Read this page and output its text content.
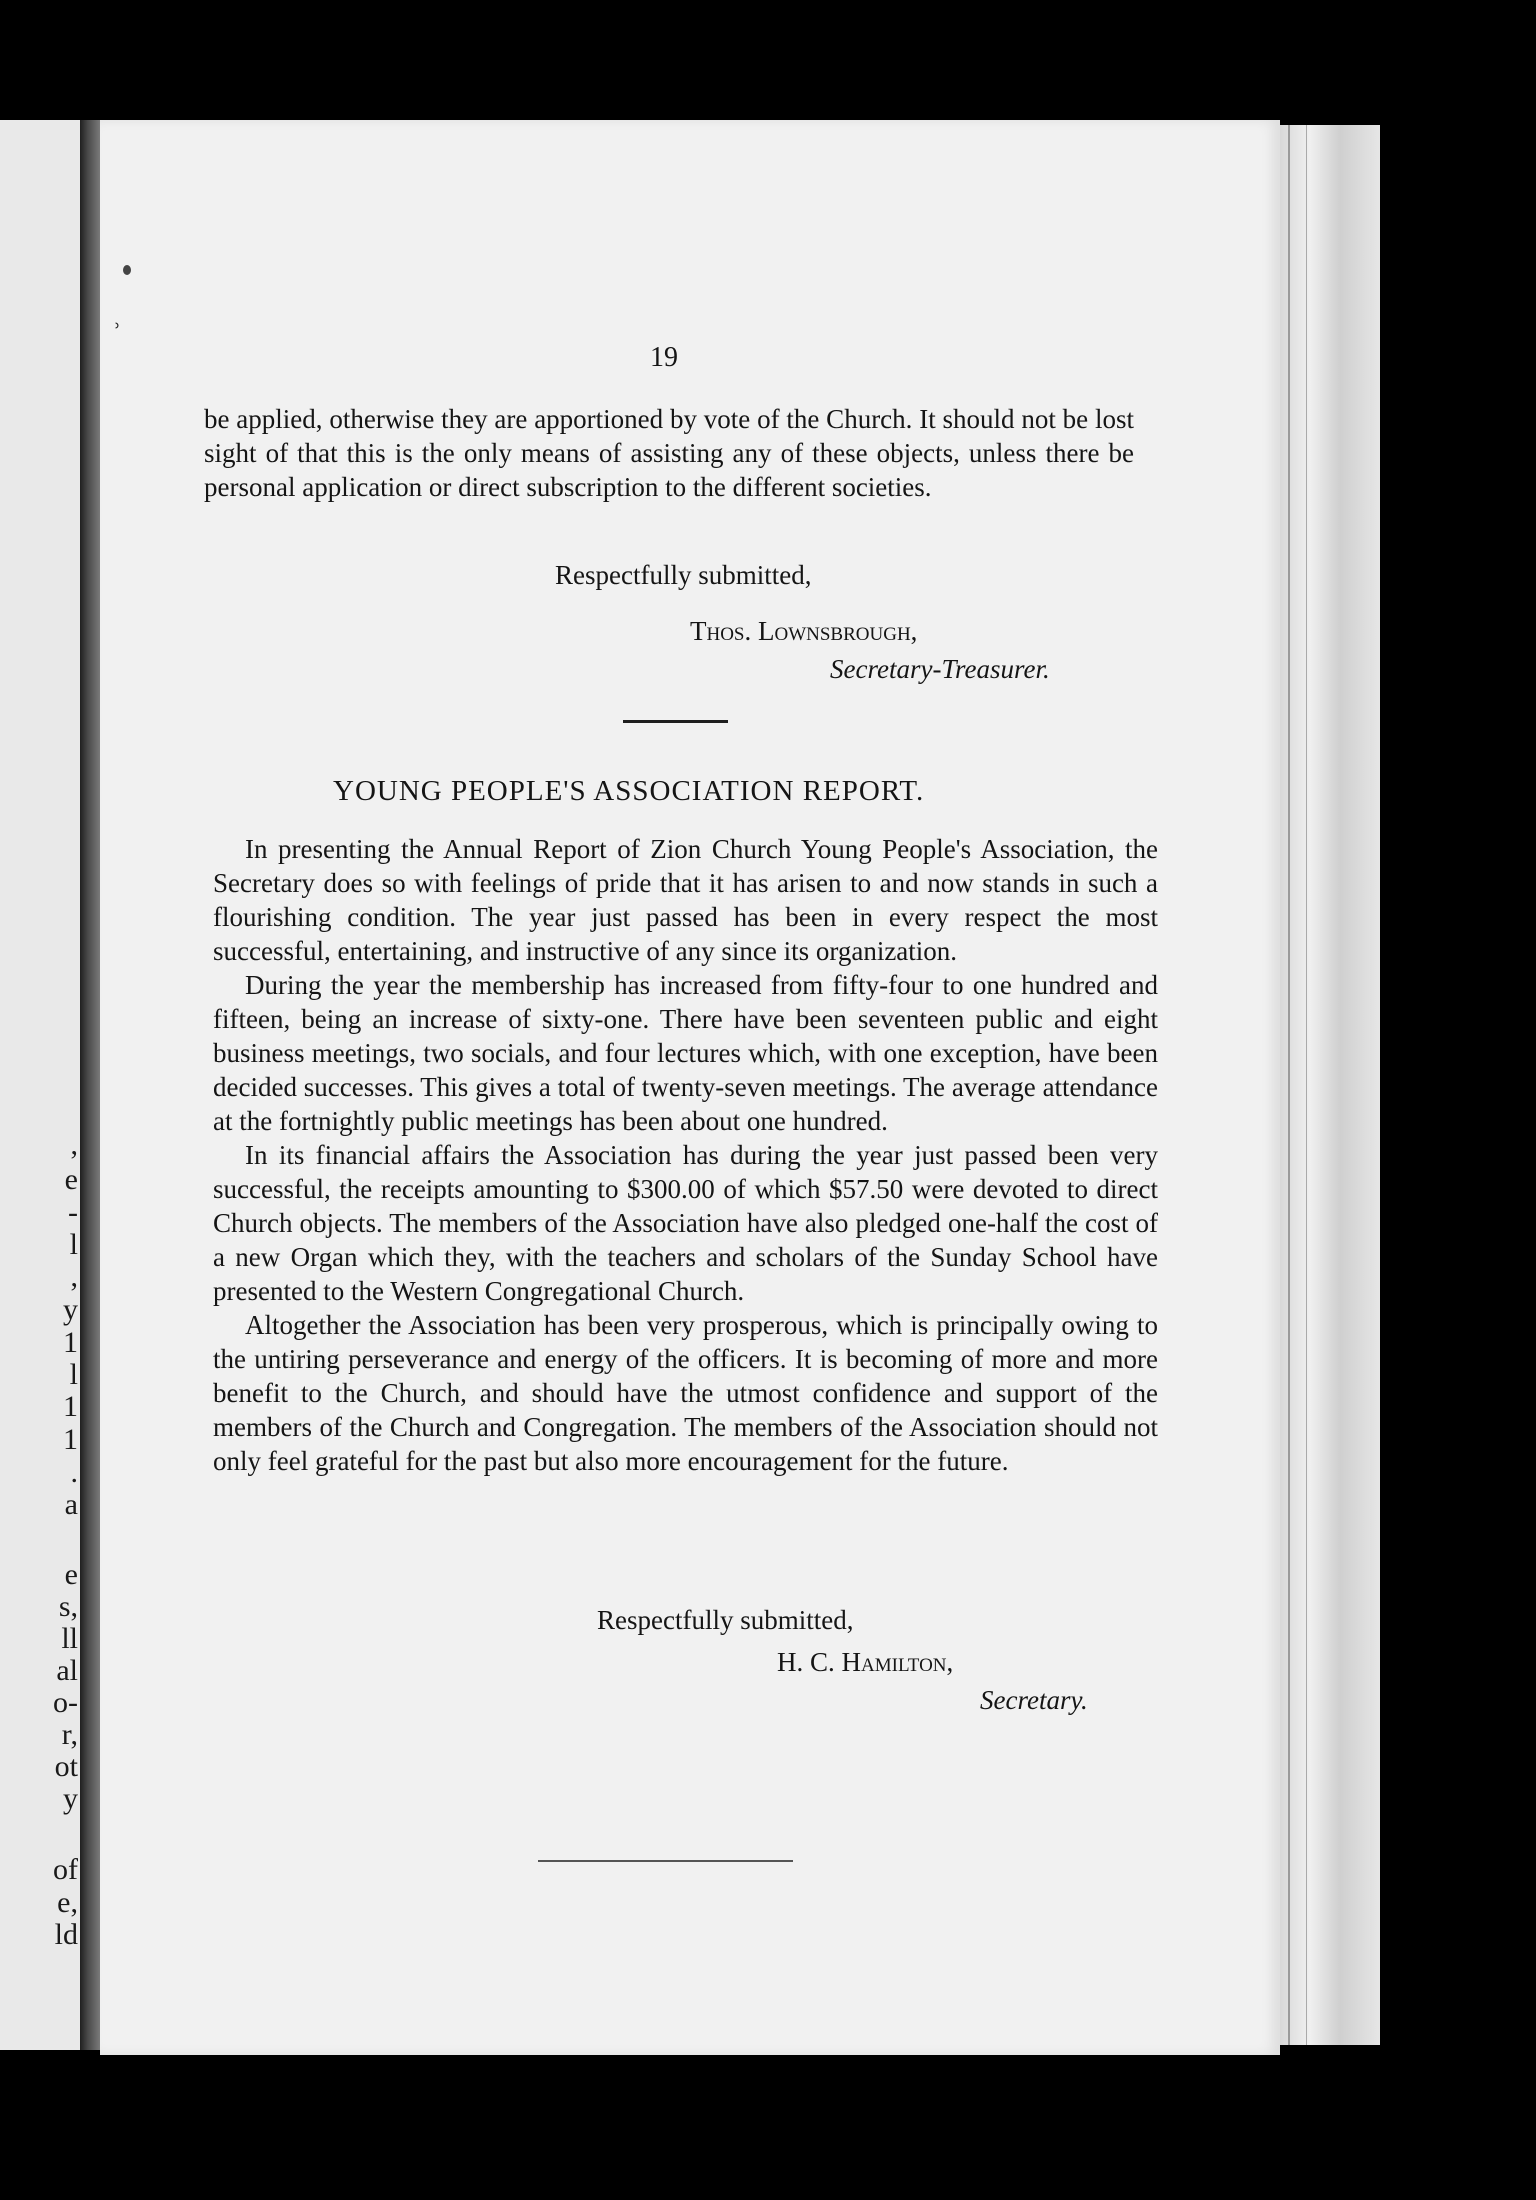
,
e
-
l
,
y
1
l
1
1
.
a
e
s,
ll
al
o-
r,
ot
y
of
e,
ld
ʾ
19

be applied, otherwise they are apportioned by vote of the Church. It should not be lost sight of that this is the only means of assisting any of these objects, unless there be personal application or direct subscription to the different societies.

Respectfully submitted,
Thos. Lownsbrough,
Secretary-Treasurer.
YOUNG PEOPLE'S ASSOCIATION REPORT.

In presenting the Annual Report of Zion Church Young People's Association, the Secretary does so with feelings of pride that it has arisen to and now stands in such a flourishing condition. The year just passed has been in every respect the most successful, entertaining, and instructive of any since its organization.

During the year the membership has increased from fifty-four to one hundred and fifteen, being an increase of sixty-one. There have been seventeen public and eight business meetings, two socials, and four lectures which, with one exception, have been decided successes. This gives a total of twenty-seven meetings. The average attendance at the fortnightly public meetings has been about one hundred.

In its financial affairs the Association has during the year just passed been very successful, the receipts amounting to $300.00 of which $57.50 were devoted to direct Church objects. The members of the Association have also pledged one-half the cost of a new Organ which they, with the teachers and scholars of the Sunday School have presented to the Western Congregational Church.

Altogether the Association has been very prosperous, which is principally owing to the untiring perseverance and energy of the officers. It is becoming of more and more benefit to the Church, and should have the utmost confidence and support of the members of the Church and Congregation. The members of the Association should not only feel grateful for the past but also more encouragement for the future.

Respectfully submitted,
H. C. Hamilton,
Secretary.
